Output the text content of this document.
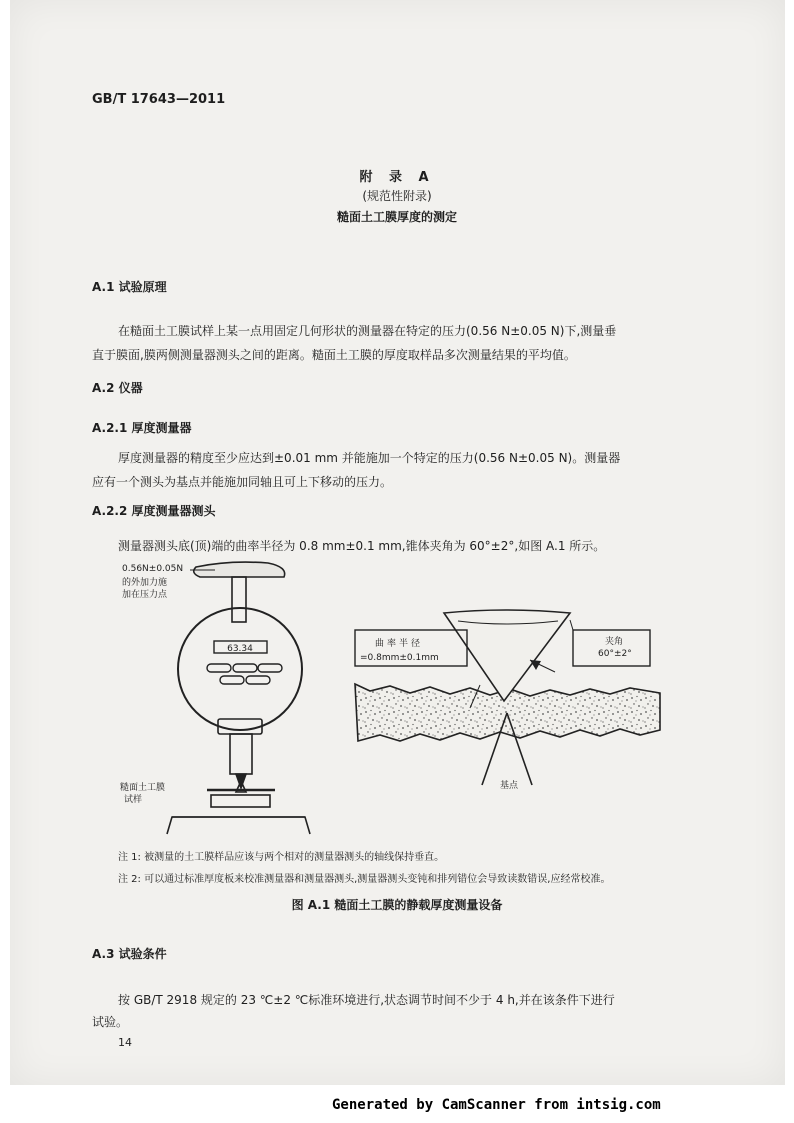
GB/T 17643—2011
附 录 A
(规范性附录)
糙面土工膜厚度的测定
A.1 试验原理
在糙面土工膜试样上某一点用固定几何形状的测量器在特定的压力(0.56 N±0.05 N)下,测量垂
直于膜面,膜两侧测量器测头之间的距离。糙面土工膜的厚度取样品多次测量结果的平均值。
A.2 仪器
A.2.1 厚度测量器
厚度测量器的精度至少应达到±0.01 mm 并能施加一个特定的压力(0.56 N±0.05 N)。测量器
应有一个测头为基点并能施加同轴且可上下移动的压力。
A.2.2 厚度测量器测头
测量器测头底(顶)端的曲率半径为 0.8 mm±0.1 mm,锥体夹角为 60°±2°,如图 A.1 所示。
63.34
0.56N±0.05N
的外加力施
加在压力点
糙面土工膜
试样
曲率半径
=0.8mm±0.1mm
夹角
60°±2°
基点
注 1: 被测量的土工膜样品应该与两个相对的测量器测头的轴线保持垂直。
注 2: 可以通过标准厚度板来校准测量器和测量器测头,测量器测头变钝和排列错位会导致读数错误,应经常校准。
图 A.1 糙面土工膜的静载厚度测量设备
A.3 试验条件
按 GB/T 2918 规定的 23 ℃±2 ℃标准环境进行,状态调节时间不少于 4 h,并在该条件下进行
试验。
14
Generated by CamScanner from intsig.com
